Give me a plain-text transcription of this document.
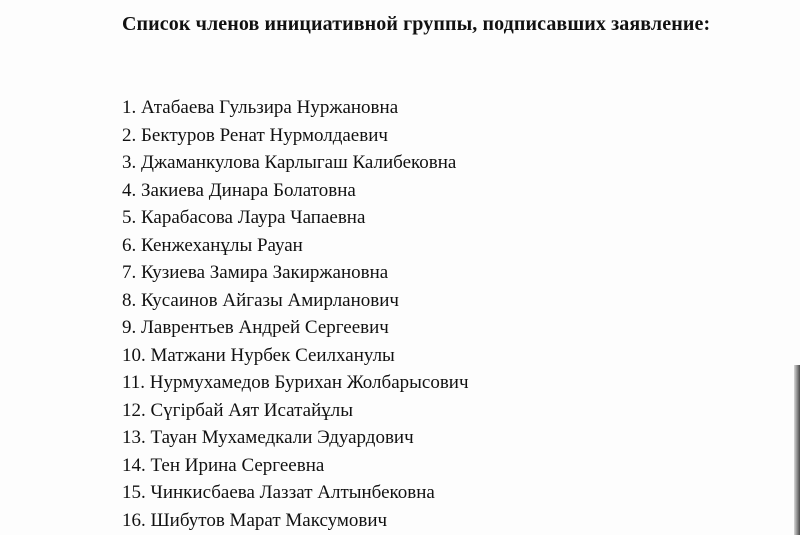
Список членов инициативной группы, подписавших заявление:
1 . Атабаева Гульзира Нуржановна
2 . Бектуров Ренат Нурмолдаевич
3 . Джаманкулова Карлыгаш Калибековна
4 . Закиева Динара Болатовна
5 . Карабасова Лаура Чапаевна
6 . Кенжеханұлы Рауан
7 . Кузиева Замира Закиржановна
8 . Кусаинов Айгазы Амирланович
9 . Лаврентьев Андрей Сергеевич
10 . Матжани Нурбек Сеилханулы
11 . Нурмухамедов Бурихан Жолбарысович
12 . Сүгірбай Аят Исатайұлы
13 . Тауан Мухамедкали Эдуардович
14 . Тен Ирина Сергеевна
15 . Чинкисбаева Лаззат Алтынбековна
16 . Шибутов Марат Максумович
